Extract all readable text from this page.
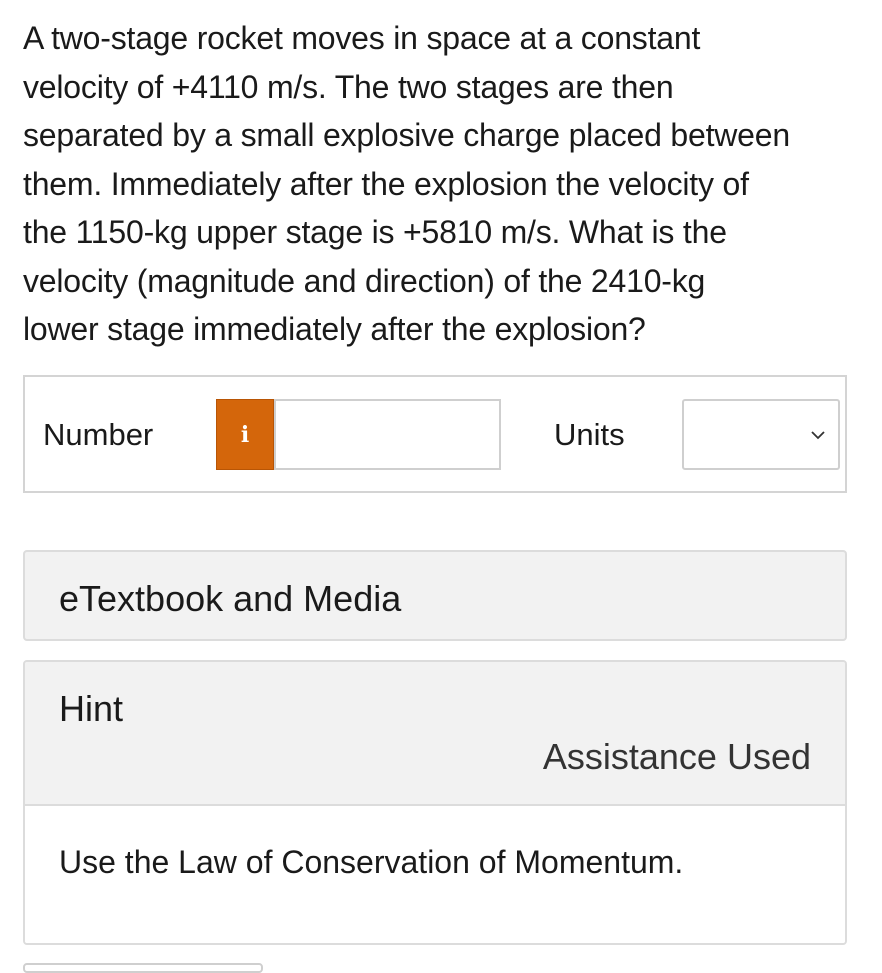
A two-stage rocket moves in space at a constant
velocity of +4110 m/s. The two stages are then
separated by a small explosive charge placed between
them. Immediately after the explosion the velocity of
the 1150-kg upper stage is +5810 m/s. What is the
velocity (magnitude and direction) of the 2410-kg
lower stage immediately after the explosion?
Number	i	Units
eTextbook and Media
Hint
Assistance Used
Use the Law of Conservation of Momentum.
